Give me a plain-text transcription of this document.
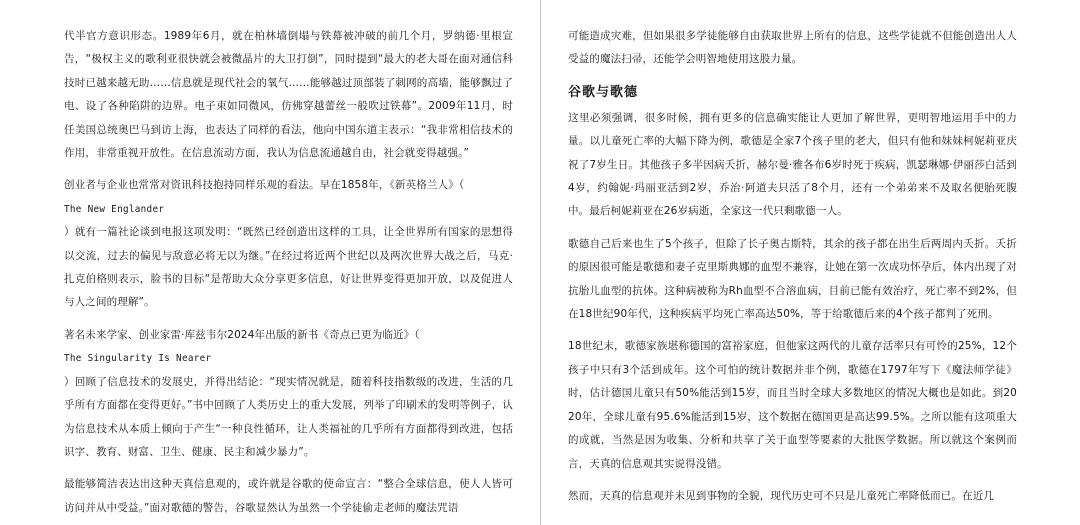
代半官方意识形态。1989年6月，就在柏林墙倒塌与铁幕被冲破的前几个月，罗纳德·里根宣告，“极权主义的歌利亚很快就会被微晶片的大卫打倒”，同时提到“最大的老大哥在面对通信科技时已越来越无助……信息就是现代社会的氧气……能够越过顶部装了刺网的高墙，能够飘过了电、设了各种陷阱的边界。电子束如同微风，仿佛穿越蕾丝一般吹过铁幕”。2009年11月，时任美国总统奥巴马到访上海，也表达了同样的看法，他向中国东道主表示：“我非常相信技术的作用，非常重视开放性。在信息流动方面，我认为信息流通越自由，社会就变得越强。”

创业者与企业也常常对资讯科技抱持同样乐观的看法。早在1858年，《新英格兰人》（

The New Englander

）就有一篇社论谈到电报这项发明：“既然已经创造出这样的工具，让全世界所有国家的思想得以交流，过去的偏见与敌意必将无以为继。”在经过将近两个世纪以及两次世界大战之后，马克·扎克伯格则表示，脸书的目标“是帮助大众分享更多信息，好让世界变得更加开放，以及促进人与人之间的理解”。

著名未来学家、创业家雷·库兹韦尔2024年出版的新书《奇点已更为临近》（

The Singularity Is Nearer

）回顾了信息技术的发展史，并得出结论：“现实情况就是，随着科技指数级的改进，生活的几乎所有方面都在变得更好。”书中回顾了人类历史上的重大发展，列举了印刷术的发明等例子，认为信息技术从本质上倾向于产生“一种良性循环，让人类福祉的几乎所有方面都得到改进，包括识字、教育、财富、卫生、健康、民主和减少暴力”。

最能够简洁表达出这种天真信息观的，或许就是谷歌的使命宣言：“整合全球信息，使人人皆可访问并从中受益。”面对歌德的警告，谷歌显然认为虽然一个学徒偷走老师的魔法咒语

可能造成灾难，但如果很多学徒能够自由获取世界上所有的信息，这些学徒就不但能创造出人人受益的魔法扫帚，还能学会明智地使用这股力量。

谷歌与歌德

这里必须强调，很多时候，拥有更多的信息确实能让人更加了解世界，更明智地运用手中的力量。以儿童死亡率的大幅下降为例，歌德是全家7个孩子里的老大，但只有他和妹妹柯妮莉亚庆祝了7岁生日。其他孩子多半因病夭折，赫尔曼·雅各布6岁时死于疾病，凯瑟琳娜·伊丽莎白活到4岁，约翰妮·玛丽亚活到2岁，乔治·阿道夫只活了8个月，还有一个弟弟来不及取名便胎死腹中。最后柯妮莉亚在26岁病逝，全家这一代只剩歌德一人。

歌德自己后来也生了5个孩子，但除了长子奥古斯特，其余的孩子都在出生后两周内夭折。夭折的原因很可能是歌德和妻子克里斯典娜的血型不兼容，让她在第一次成功怀孕后，体内出现了对抗胎儿血型的抗体。这种病被称为Rh血型不合溶血病，目前已能有效治疗，死亡率不到2%，但在18世纪90年代，这种疾病平均死亡率高达50%，等于给歌德后来的4个孩子都判了死刑。

18世纪末，歌德家族堪称德国的富裕家庭，但他家这两代的儿童存活率只有可怜的25%，12个孩子中只有3个活到成年。这个可怕的统计数据并非个例，歌德在1797年写下《魔法师学徒》时，估计德国儿童只有50%能活到15岁，而且当时全球大多数地区的情况大概也是如此。到2020年，全球儿童有95.6%能活到15岁，这个数据在德国更是高达99.5%。之所以能有这项重大的成就，当然是因为收集、分析和共享了关于血型等要素的大批医学数据。所以就这个案例而言，天真的信息观其实说得没错。

然而，天真的信息观并未见到事物的全貌，现代历史可不只是儿童死亡率降低而已。在近几
